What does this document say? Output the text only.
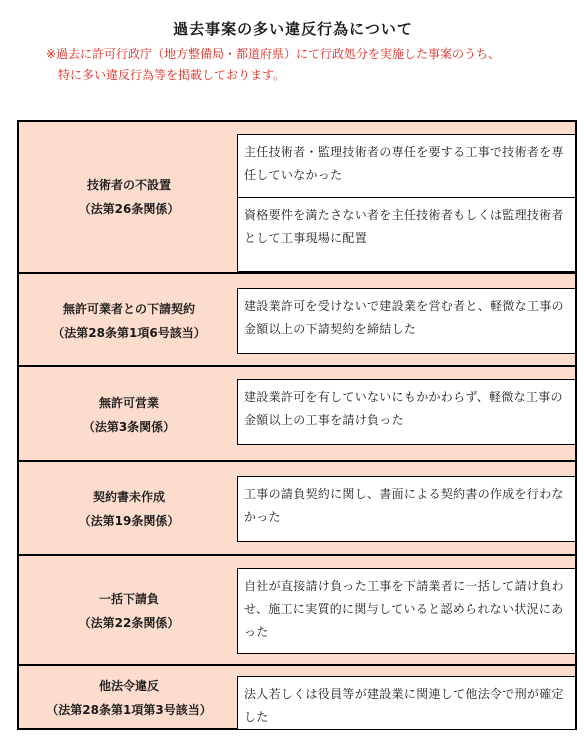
過去事案の多い違反行為について
※過去に許可行政庁（地方整備局・都道府県）にて行政処分を実施した事案のうち、
特に多い違反行為等を掲載しております。
技術者の不設置
（法第26条関係）
主任技術者・監理技術者の専任を要する工事で技術者を専任していなかった
資格要件を満たさない者を主任技術者もしくは監理技術者として工事現場に配置
無許可業者との下請契約
（法第28条第1項6号該当）
建設業許可を受けないで建設業を営む者と、軽微な工事の金額以上の下請契約を締結した
無許可営業
（法第3条関係）
建設業許可を有していないにもかかわらず、軽微な工事の金額以上の工事を請け負った
契約書未作成
（法第19条関係）
工事の請負契約に関し、書面による契約書の作成を行わなかった
一括下請負
（法第22条関係）
自社が直接請け負った工事を下請業者に一括して請け負わせ、施工に実質的に関与していると認められない状況にあった
他法令違反
（法第28条第1項第3号該当）
法人若しくは役員等が建設業に関連して他法令で刑が確定した
